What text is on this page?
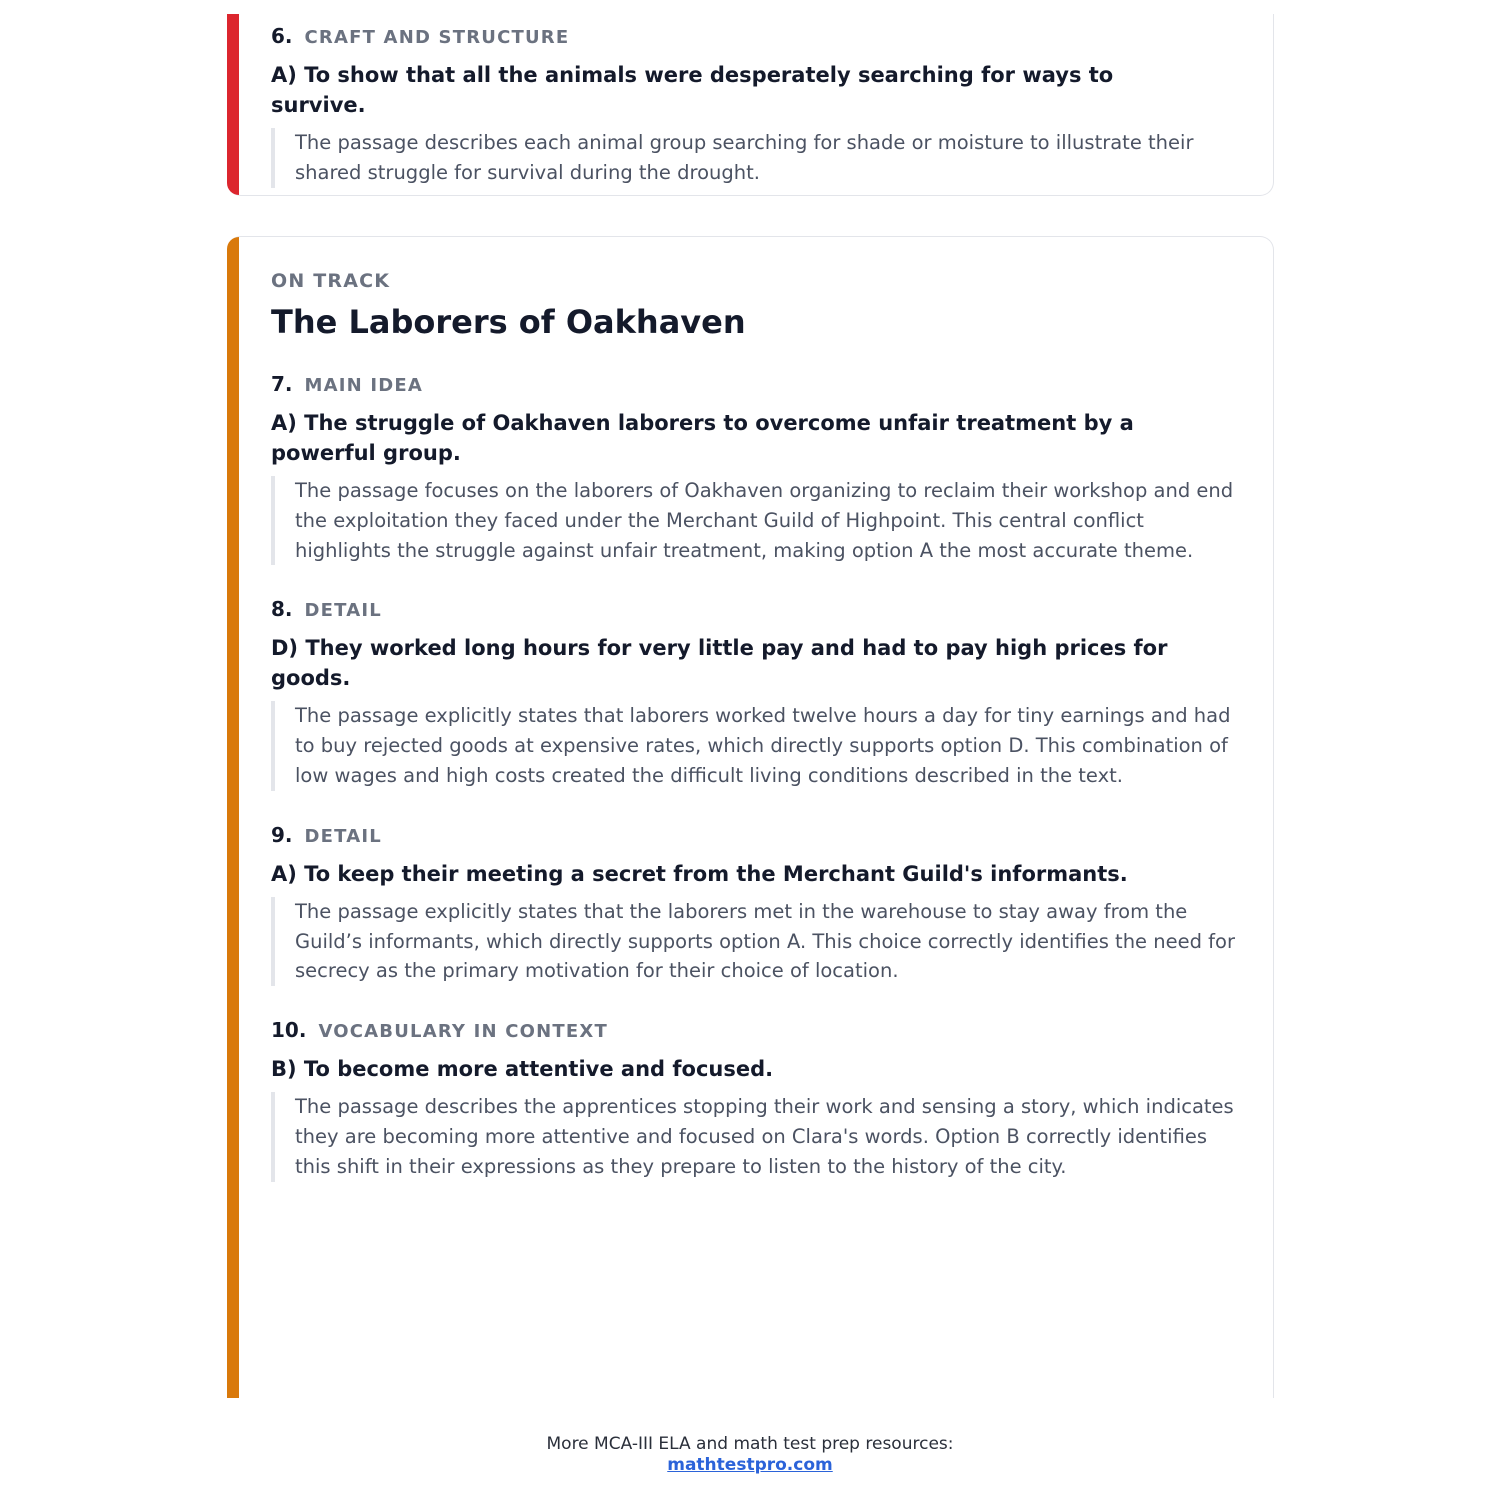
6. CRAFT AND STRUCTURE
A) To show that all the animals were desperately searching for ways to survive.
The passage describes each animal group searching for shade or moisture to illustrate their shared struggle for survival during the drought.
ON TRACK
The Laborers of Oakhaven
7. MAIN IDEA
A) The struggle of Oakhaven laborers to overcome unfair treatment by a powerful group.
The passage focuses on the laborers of Oakhaven organizing to reclaim their workshop and end the exploitation they faced under the Merchant Guild of Highpoint. This central conflict highlights the struggle against unfair treatment, making option A the most accurate theme.
8. DETAIL
D) They worked long hours for very little pay and had to pay high prices for goods.
The passage explicitly states that laborers worked twelve hours a day for tiny earnings and had to buy rejected goods at expensive rates, which directly supports option D. This combination of low wages and high costs created the difficult living conditions described in the text.
9. DETAIL
A) To keep their meeting a secret from the Merchant Guild's informants.
The passage explicitly states that the laborers met in the warehouse to stay away from the Guild’s informants, which directly supports option A. This choice correctly identifies the need for secrecy as the primary motivation for their choice of location.
10. VOCABULARY IN CONTEXT
B) To become more attentive and focused.
The passage describes the apprentices stopping their work and sensing a story, which indicates they are becoming more attentive and focused on Clara's words. Option B correctly identifies this shift in their expressions as they prepare to listen to the history of the city.
More MCA-III ELA and math test prep resources:
mathtestpro.com
